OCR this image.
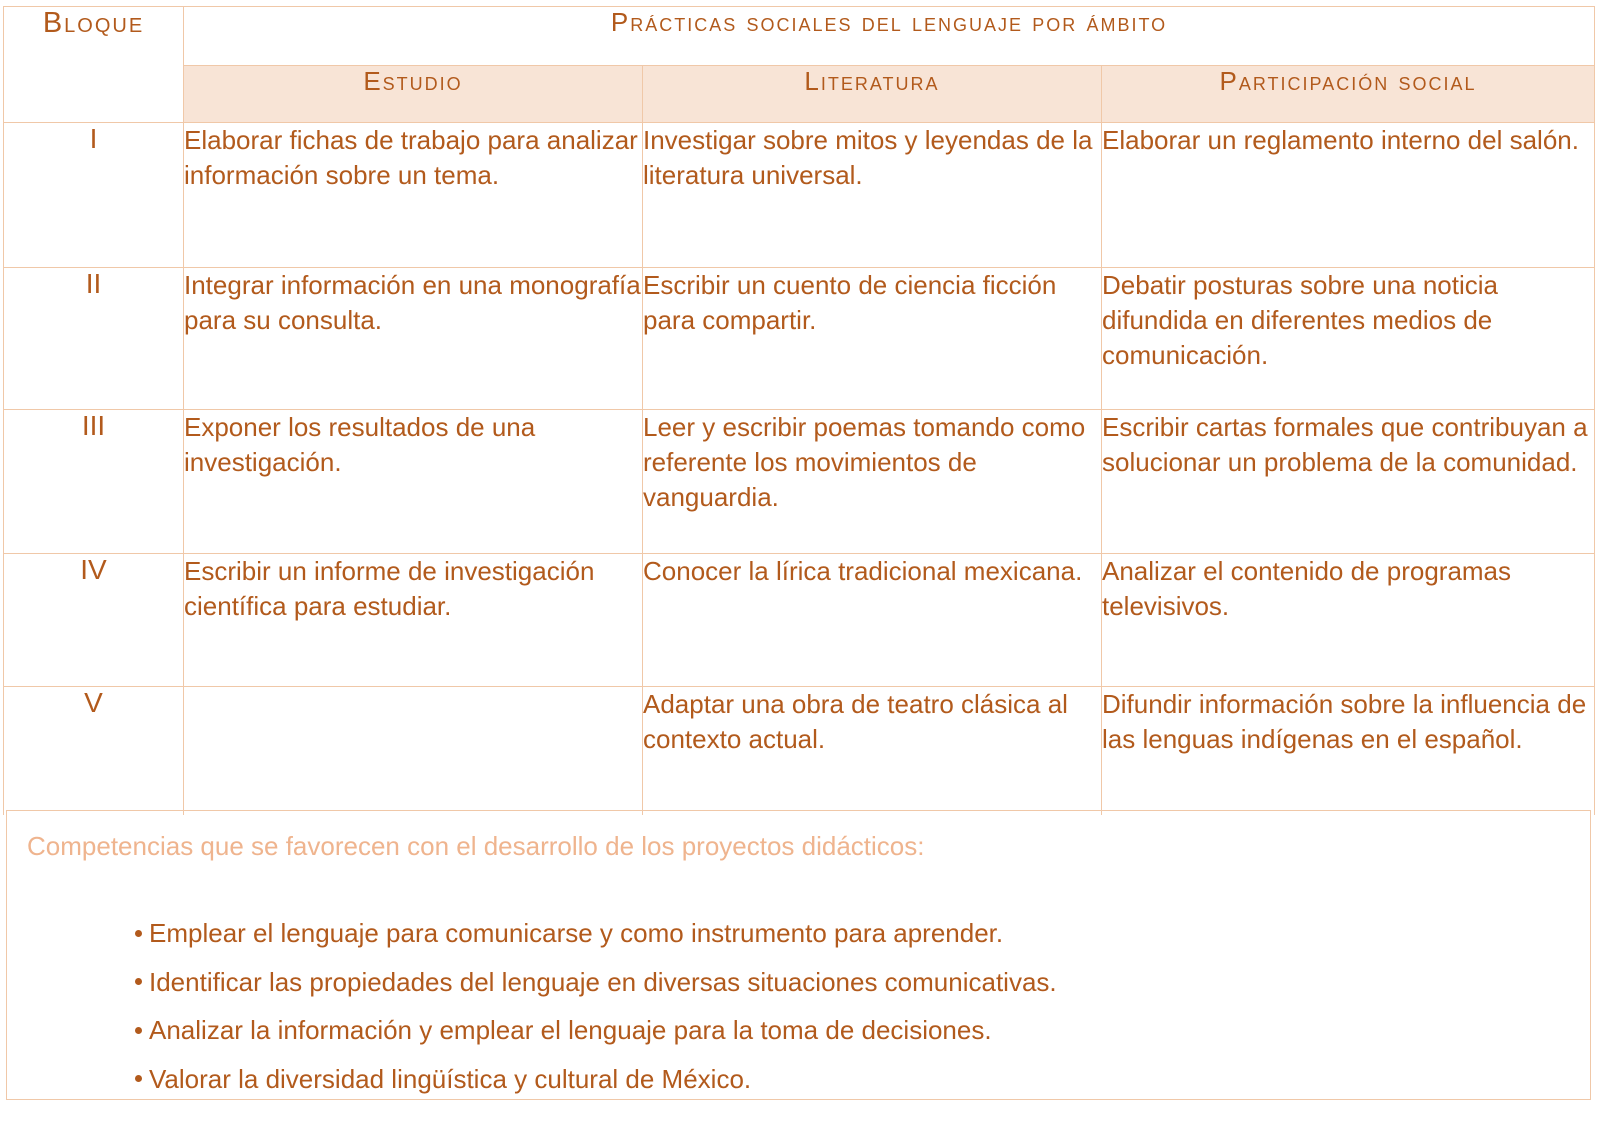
Bloque	Prácticas sociales del lenguaje por ámbito		
	Estudio	Literatura	Participación social
I	Elaborar fichas de trabajo para analizar información sobre un tema.	Investigar sobre mitos y leyendas de la literatura universal.	Elaborar un reglamento interno del salón.
II	Integrar información en una monografía para su consulta.	Escribir un cuento de ciencia ficción para compartir.	Debatir posturas sobre una noticia difundida en diferentes medios de comunicación.
III	Exponer los resultados de una investigación.	Leer y escribir poemas tomando como referente los movimientos de vanguardia.	Escribir cartas formales que contribuyan a solucionar un problema de la comunidad.
IV	Escribir un informe de investigación científica para estudiar.	Conocer la lírica tradicional mexicana.	Analizar el contenido de programas televisivos.
V		Adaptar una obra de teatro clásica al contexto actual.	Difundir información sobre la influencia de las lenguas indígenas en el español.
Competencias que se favorecen con el desarrollo de los proyectos didácticos:
Emplear el lenguaje para comunicarse y como instrumento para aprender.
Identificar las propiedades del lenguaje en diversas situaciones comunicativas.
Analizar la información y emplear el lenguaje para la toma de decisiones.
Valorar la diversidad lingüística y cultural de México.
